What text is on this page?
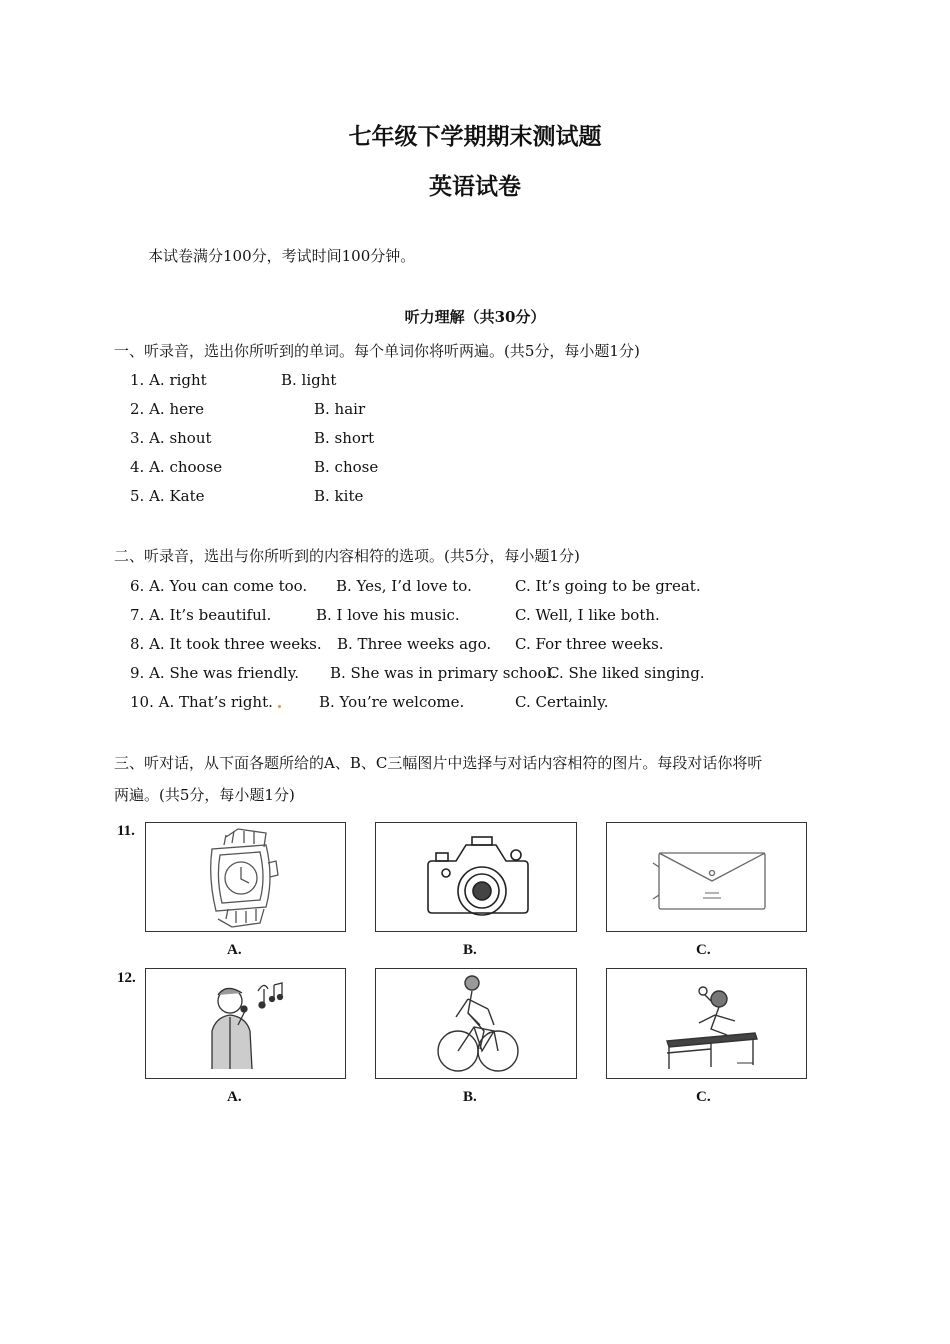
七年级下学期期末测试题
英语试卷
本试卷满分100分，考试时间100分钟。
听力理解（共30分）
一、听录音，选出你所听到的单词。每个单词你将听两遍。(共5分，每小题1分)
1. A. right	B. light
2. A. here	B. hair
3. A. shout	B. short
4. A. choose	B. chose
5. A. Kate	B. kite
二、听录音，选出与你所听到的内容相符的选项。(共5分，每小题1分)
6. A. You can come too. B. Yes, I’d love to.	C. It’s going to be great.
7. A. It’s beautiful.	B. I love his music.	C. Well, I like both.
8. A. It took three weeks. B. Three weeks ago. C. For three weeks.
9. A. She was friendly. B. She was in primary school.
C. She liked singing.
10. A. That’s right.	B. You’re welcome.	C. Certainly.
三、听对话，从下面各题所给的A、B、C三幅图片中选择与对话内容相符的图片。每段对话你将听
两遍。(共5分，每小题1分)
11.
A.	B.	C.
12.
A.	B.	C.
